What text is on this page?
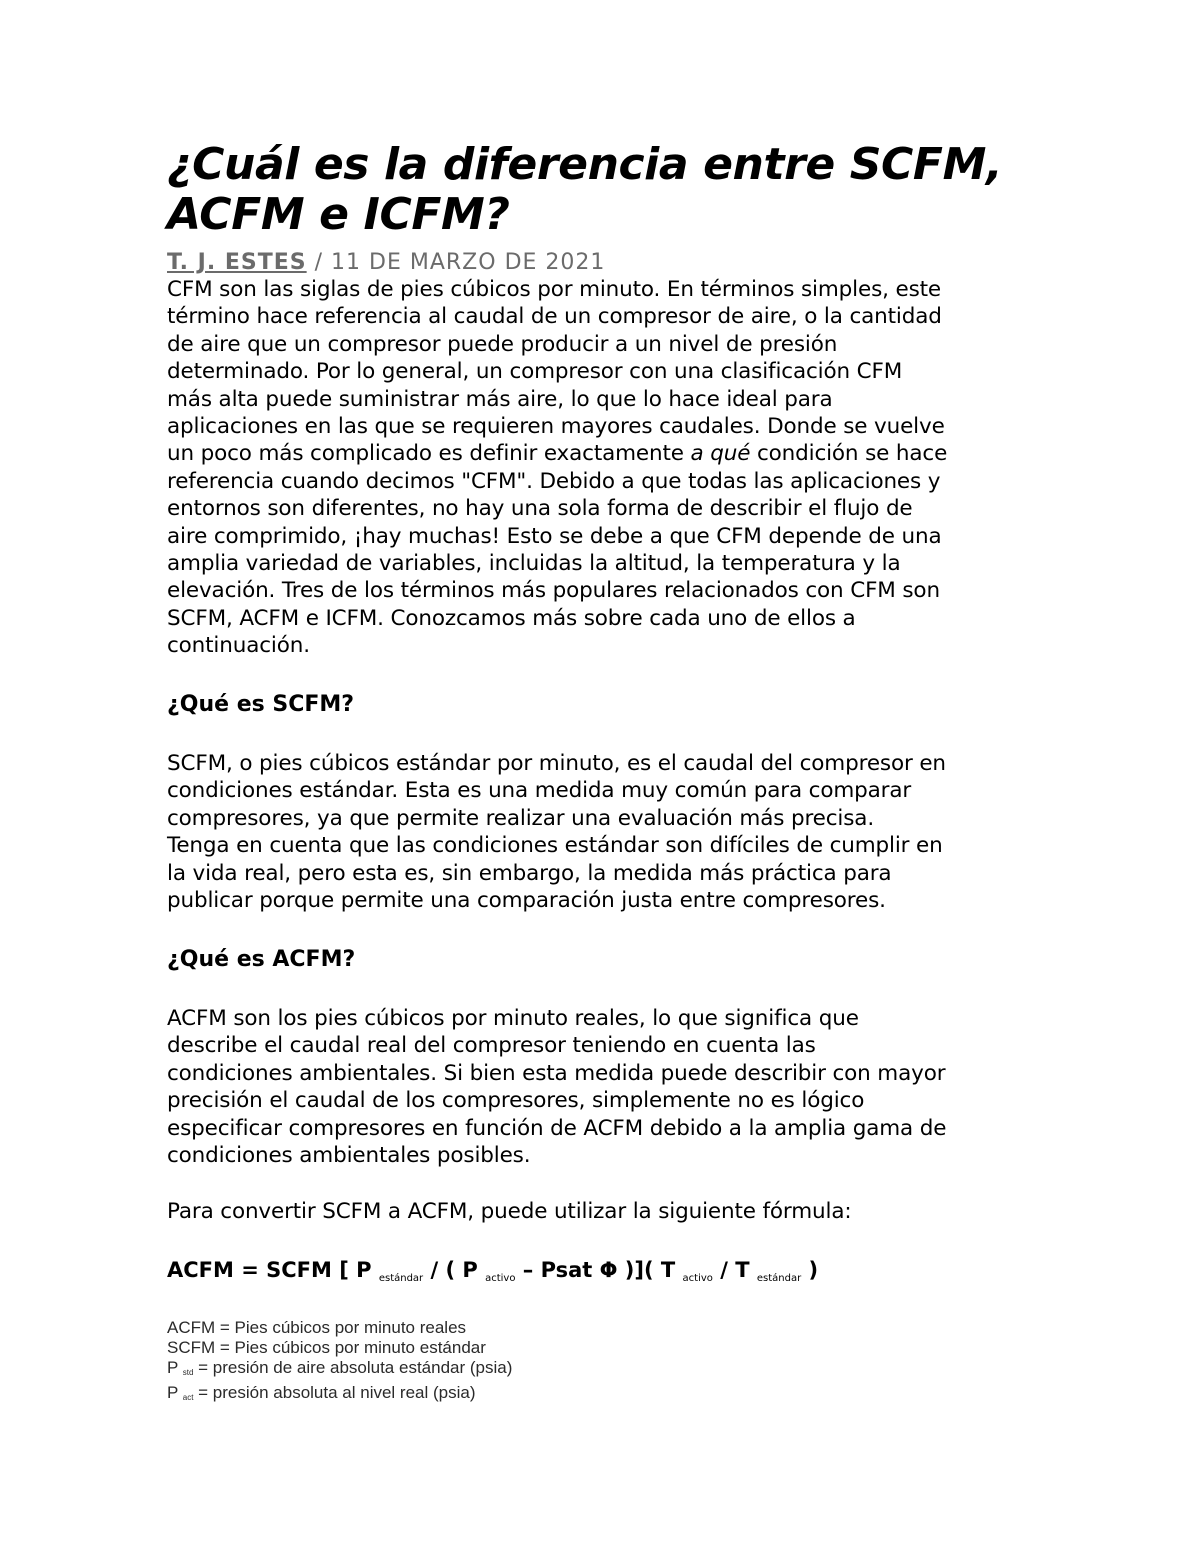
¿Cuál es la diferencia entre SCFM,
ACFM e ICFM?
T. J. ESTES / 11 DE MARZO DE 2021
CFM son las siglas de pies cúbicos por minuto. En términos simples, este
término hace referencia al caudal de un compresor de aire, o la cantidad
de aire que un compresor puede producir a un nivel de presión
determinado. Por lo general, un compresor con una clasificación CFM
más alta puede suministrar más aire, lo que lo hace ideal para
aplicaciones en las que se requieren mayores caudales. Donde se vuelve
un poco más complicado es definir exactamente a qué condición se hace
referencia cuando decimos "CFM". Debido a que todas las aplicaciones y
entornos son diferentes, no hay una sola forma de describir el flujo de
aire comprimido, ¡hay muchas! Esto se debe a que CFM depende de una
amplia variedad de variables, incluidas la altitud, la temperatura y la
elevación. Tres de los términos más populares relacionados con CFM son
SCFM, ACFM e ICFM. Conozcamos más sobre cada uno de ellos a
continuación.
¿Qué es SCFM?
SCFM, o pies cúbicos estándar por minuto, es el caudal del compresor en
condiciones estándar. Esta es una medida muy común para comparar
compresores, ya que permite realizar una evaluación más precisa.
Tenga en cuenta que las condiciones estándar son difíciles de cumplir en
la vida real, pero esta es, sin embargo, la medida más práctica para
publicar porque permite una comparación justa entre compresores.
¿Qué es ACFM?
ACFM son los pies cúbicos por minuto reales, lo que significa que
describe el caudal real del compresor teniendo en cuenta las
condiciones ambientales. Si bien esta medida puede describir con mayor
precisión el caudal de los compresores, simplemente no es lógico
especificar compresores en función de ACFM debido a la amplia gama de
condiciones ambientales posibles.
Para convertir SCFM a ACFM, puede utilizar la siguiente fórmula:
ACFM = SCFM [ P $_{estándar}$ / ( P $_{activo}$ – Psat Φ )]( T $_{activo}$ / T $_{estándar}$ )
ACFM = Pies cúbicos por minuto reales
SCFM = Pies cúbicos por minuto estándar
P $_{std}$ = presión de aire absoluta estándar (psia)
P $_{act}$ = presión absoluta al nivel real (psia)
